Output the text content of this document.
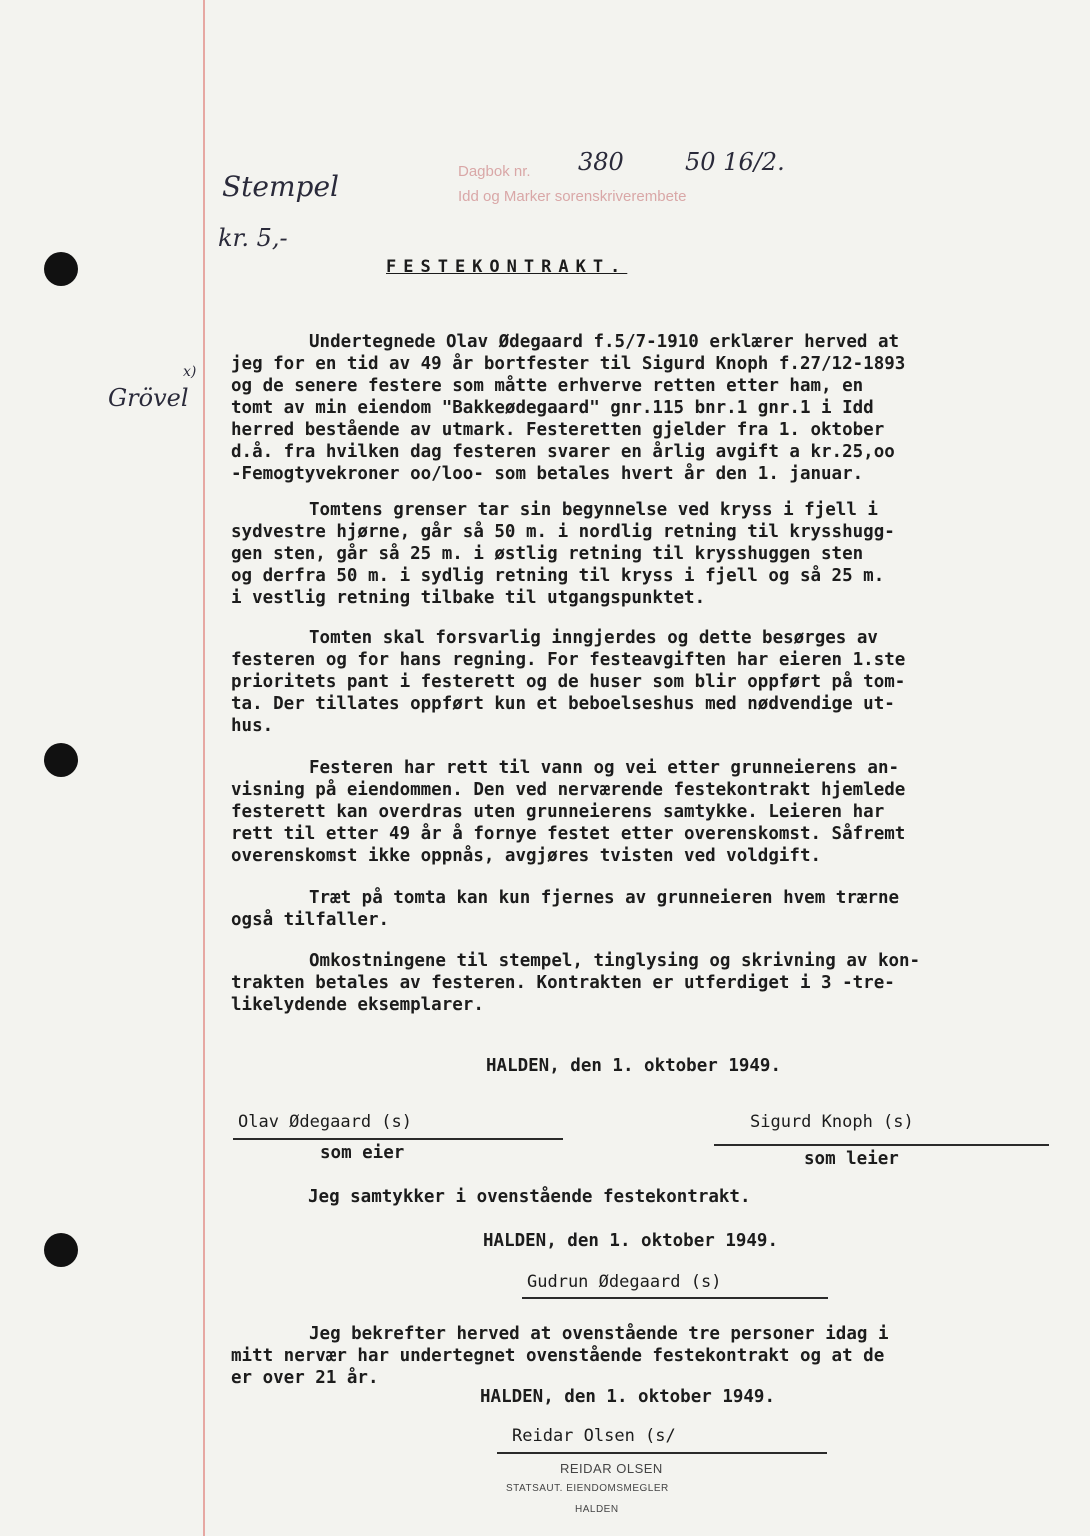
Stempel
kr. 5,-
Grövel
x)
Dagbok nr. 380	50 16/2.
Idd og Marker sorenskriverembete
FESTEKONTRAKT.
Undertegnede Olav Ødegaard f.5/7-1910 erklærer herved at
jeg for en tid av 49 år bortfester til Sigurd Knoph f.27/12-1893
og de senere festere som måtte erhverve retten etter ham, en
tomt av min eiendom "Bakkeødegaard" gnr.115 bnr.1 gnr.1 i Idd
herred bestående av utmark. Festeretten gjelder fra 1. oktober
d.å. fra hvilken dag festeren svarer en årlig avgift a kr.25,oo
-Femogtyvekroner oo/loo- som betales hvert år den 1. januar.
Tomtens grenser tar sin begynnelse ved kryss i fjell i
sydvestre hjørne, går så 50 m. i nordlig retning til krysshugg-
gen sten, går så 25 m. i østlig retning til krysshuggen sten
og derfra 50 m. i sydlig retning til kryss i fjell og så 25 m.
i vestlig retning tilbake til utgangspunktet.
Tomten skal forsvarlig inngjerdes og dette besørges av
festeren og for hans regning. For festeavgiften har eieren 1.ste
prioritets pant i festerett og de huser som blir oppført på tom-
ta. Der tillates oppført kun et beboelseshus med nødvendige ut-
hus.
Festeren har rett til vann og vei etter grunneierens an-
visning på eiendommen. Den ved nerværende festekontrakt hjemlede
festerett kan overdras uten grunneierens samtykke. Leieren har
rett til etter 49 år å fornye festet etter overenskomst. Såfremt
overenskomst ikke oppnås, avgjøres tvisten ved voldgift.
Træt på tomta kan kun fjernes av grunneieren hvem trærne
også tilfaller.
Omkostningene til stempel, tinglysing og skrivning av kon-
trakten betales av festeren. Kontrakten er utferdiget i 3 -tre-
likelydende eksemplarer.
HALDEN, den 1. oktober 1949.
Olav Ødegaard (s)
som eier
Sigurd Knoph (s)
som leier
Jeg samtykker i ovenstående festekontrakt.
HALDEN, den 1. oktober 1949.
Gudrun Ødegaard (s)
Jeg bekrefter herved at ovenstående tre personer idag i
mitt nervær har undertegnet ovenstående festekontrakt og at de
er over 21 år.
HALDEN, den 1. oktober 1949.
Reidar Olsen (s/
REIDAR OLSEN
STATSAUT. EIENDOMSMEGLER
HALDEN
